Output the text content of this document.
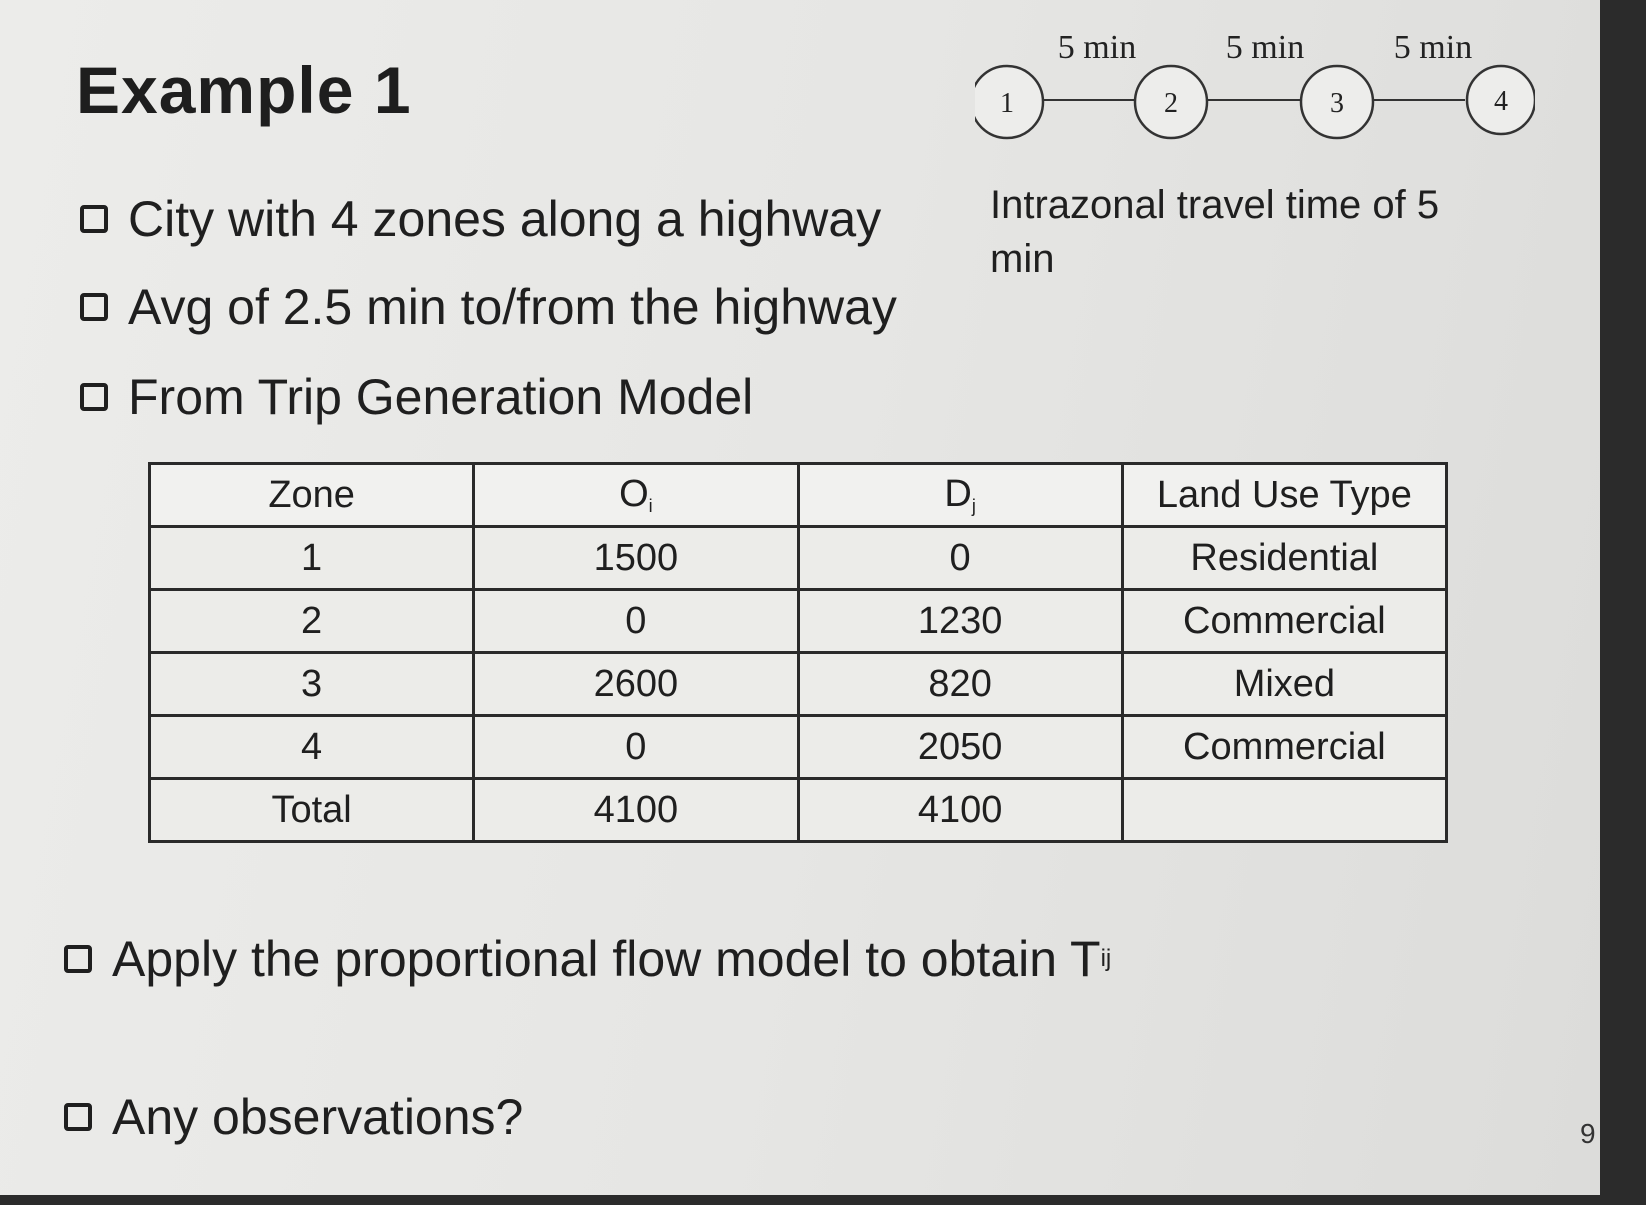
Example 1	1	2	3	4
5 min	5 min	5 min
City with 4 zones along a highway
Avg of 2.5 min to/from the highway
From Trip Generation Model
Intrazonal travel time of 5 min
Zone	$O_i$	$D_j$	Land Use Type
1	1500	0	Residential
2	0	1230	Commercial
3	2600	820	Mixed
4	0	2050	Commercial
Total	4100	4100	
Apply the proportional flow model to obtain T ij
Any observations?	9
